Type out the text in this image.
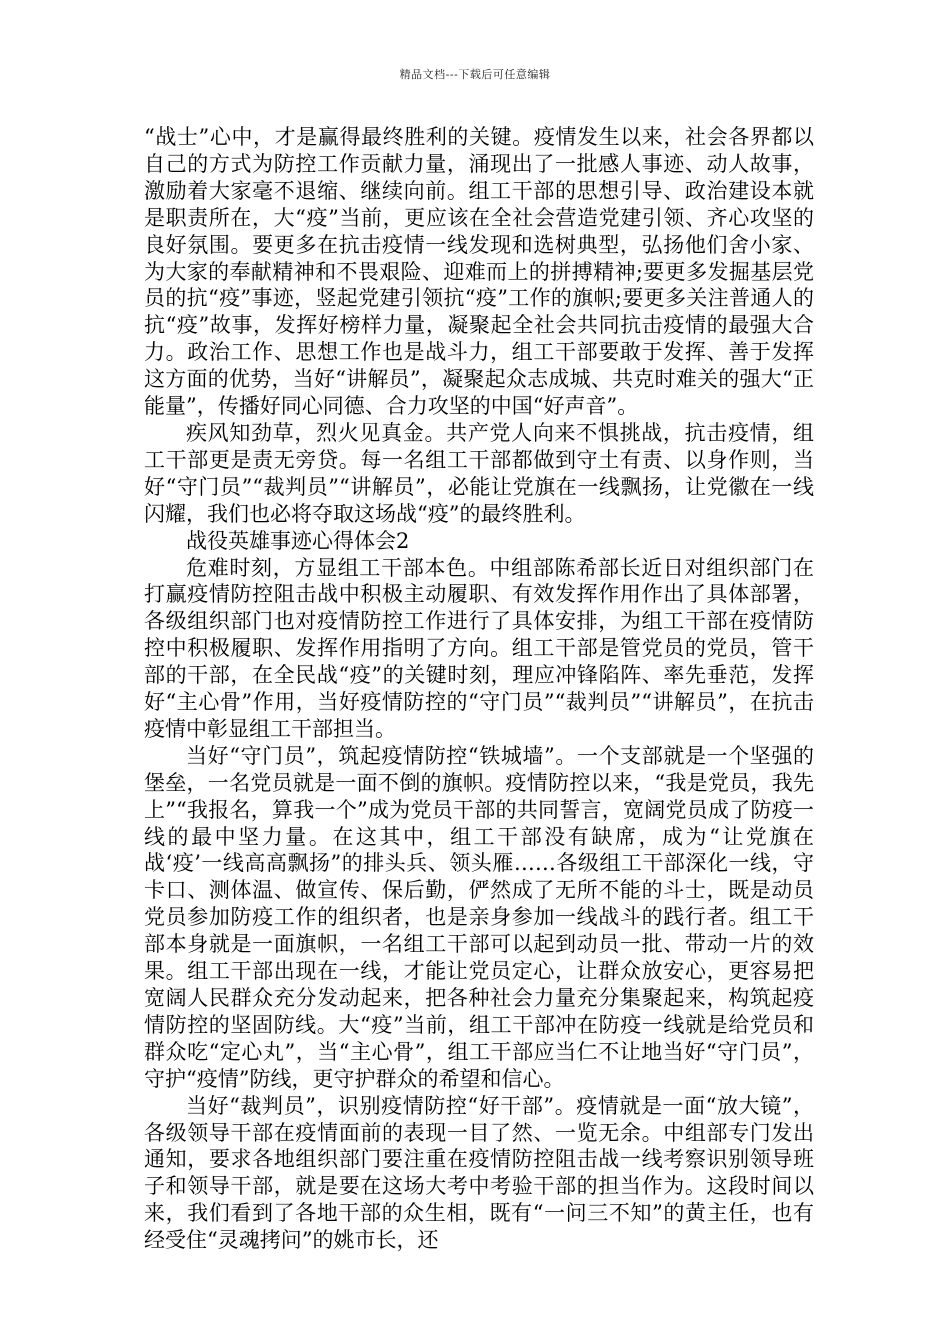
精品文档---下载后可任意编辑

“战士”心中，才是赢得最终胜利的关键。疫情发生以来，社会各界都以自己的方式为防控工作贡献力量，涌现出了一批感人事迹、动人故事，激励着大家毫不退缩、继续向前。组工干部的思想引导、政治建设本就是职责所在，大“疫”当前，更应该在全社会营造党建引领、齐心攻坚的良好氛围。要更多在抗击疫情一线发现和选树典型，弘扬他们舍小家、为大家的奉献精神和不畏艰险、迎难而上的拼搏精神;要更多发掘基层党员的抗“疫”事迹，竖起党建引领抗“疫”工作的旗帜;要更多关注普通人的抗“疫”故事，发挥好榜样力量，凝聚起全社会共同抗击疫情的最强大合力。政治工作、思想工作也是战斗力，组工干部要敢于发挥、善于发挥这方面的优势，当好“讲解员”，凝聚起众志成城、共克时难关的强大“正能量”，传播好同心同德、合力攻坚的中国“好声音”。

疾风知劲草，烈火见真金。共产党人向来不惧挑战，抗击疫情，组工干部更是责无旁贷。每一名组工干部都做到守土有责、以身作则，当好“守门员”“裁判员”“讲解员”，必能让党旗在一线飘扬，让党徽在一线闪耀，我们也必将夺取这场战“疫”的最终胜利。

战役英雄事迹心得体会2

危难时刻，方显组工干部本色。中组部陈希部长近日对组织部门在打赢疫情防控阻击战中积极主动履职、有效发挥作用作出了具体部署，各级组织部门也对疫情防控工作进行了具体安排，为组工干部在疫情防控中积极履职、发挥作用指明了方向。组工干部是管党员的党员，管干部的干部，在全民战“疫”的关键时刻，理应冲锋陷阵、率先垂范，发挥好“主心骨”作用，当好疫情防控的“守门员”“裁判员”“讲解员”，在抗击疫情中彰显组工干部担当。

当好“守门员”，筑起疫情防控“铁城墙”。一个支部就是一个坚强的堡垒，一名党员就是一面不倒的旗帜。疫情防控以来，“我是党员，我先上”“我报名，算我一个”成为党员干部的共同誓言，宽阔党员成了防疫一线的最中坚力量。在这其中，组工干部没有缺席，成为“让党旗在战‘疫’一线高高飘扬”的排头兵、领头雁……各级组工干部深化一线，守卡口、测体温、做宣传、保后勤，俨然成了无所不能的斗士，既是动员党员参加防疫工作的组织者，也是亲身参加一线战斗的践行者。组工干部本身就是一面旗帜，一名组工干部可以起到动员一批、带动一片的效果。组工干部出现在一线，才能让党员定心，让群众放安心，更容易把宽阔人民群众充分发动起来，把各种社会力量充分集聚起来，构筑起疫情防控的坚固防线。大“疫”当前，组工干部冲在防疫一线就是给党员和群众吃“定心丸”，当“主心骨”，组工干部应当仁不让地当好“守门员”，守护“疫情”防线，更守护群众的希望和信心。

当好“裁判员”，识别疫情防控“好干部”。疫情就是一面“放大镜”，各级领导干部在疫情面前的表现一目了然、一览无余。中组部专门发出通知，要求各地组织部门要注重在疫情防控阻击战一线考察识别领导班子和领导干部，就是要在这场大考中考验干部的担当作为。这段时间以来，我们看到了各地干部的众生相，既有“一问三不知”的黄主任，也有经受住“灵魂拷问”的姚市长，还
